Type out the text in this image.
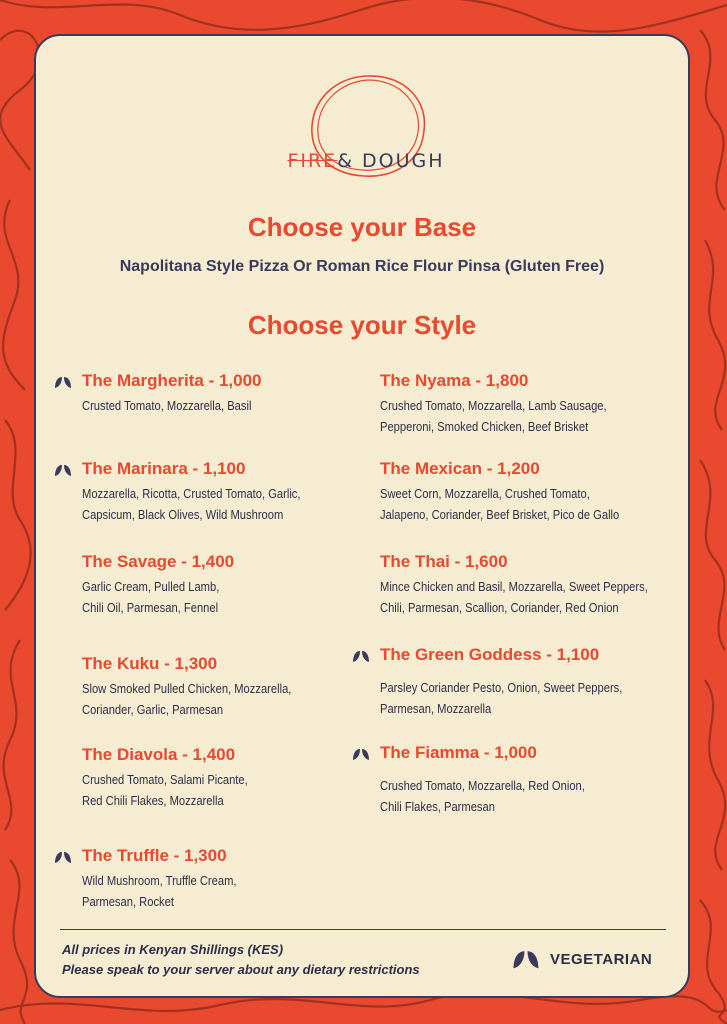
FIRE& DOUGH
Choose your Base
Napolitana Style Pizza Or Roman Rice Flour Pinsa (Gluten Free)
Choose your Style
The Margherita - 1,000
Crusted Tomato, Mozzarella, Basil
The Marinara - 1,100
Mozzarella, Ricotta, Crusted Tomato, Garlic,
Capsicum, Black Olives, Wild Mushroom
The Savage - 1,400
Garlic Cream, Pulled Lamb,
Chili Oil, Parmesan, Fennel
The Kuku - 1,300
Slow Smoked Pulled Chicken, Mozzarella,
Coriander, Garlic, Parmesan
The Diavola - 1,400
Crushed Tomato, Salami Picante,
Red Chili Flakes, Mozzarella
The Truffle - 1,300
Wild Mushroom, Truffle Cream,
Parmesan, Rocket
The Nyama - 1,800
Crushed Tomato, Mozzarella, Lamb Sausage,
Pepperoni, Smoked Chicken, Beef Brisket
The Mexican - 1,200
Sweet Corn, Mozzarella, Crushed Tomato,
Jalapeno, Coriander, Beef Brisket, Pico de Gallo
The Thai - 1,600
Mince Chicken and Basil, Mozzarella, Sweet Peppers,
Chili, Parmesan, Scallion, Coriander, Red Onion
The Green Goddess - 1,100
Parsley Coriander Pesto, Onion, Sweet Peppers,
Parmesan, Mozzarella
The Fiamma - 1,000
Crushed Tomato, Mozzarella, Red Onion,
Chili Flakes, Parmesan
All prices in Kenyan Shillings (KES)
Please speak to your server about any dietary restrictions
VEGETARIAN
